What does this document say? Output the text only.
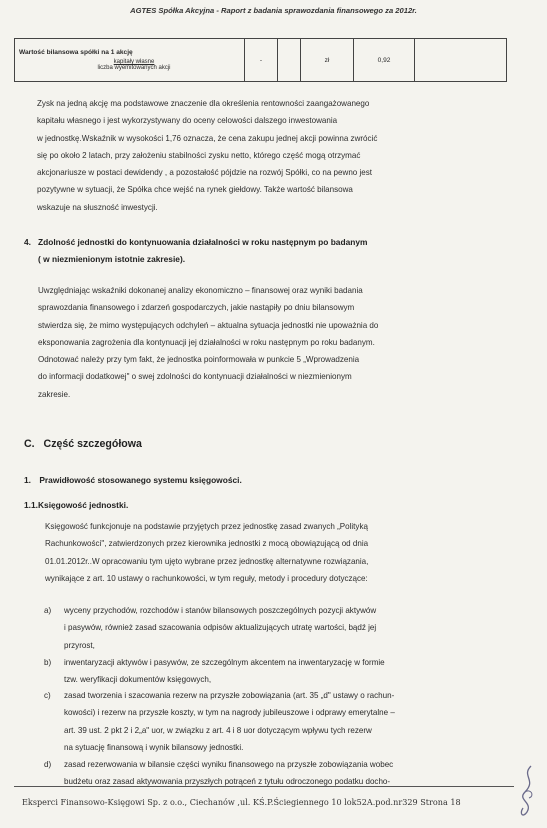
AGTES Spółka Akcyjna - Raport z badania sprawozdania finansowego za 2012r.
Wartość bilansowa spółki na 1 akcję
kapitały własne
liczba wyemitowanych akcji
	-		zł	0,92	
Zysk na jedną akcję ma podstawowe znaczenie dla określenia rentowności zaangażowanego
kapitału własnego i jest wykorzystywany do oceny celowości dalszego inwestowania
w jednostkę.Wskaźnik w wysokości 1,76 oznacza, że cena zakupu jednej akcji powinna zwrócić
się po około 2 latach, przy założeniu stabilności zysku netto, którego część mogą otrzymać
akcjonariusze w postaci dewidendy , a pozostałość pójdzie na rozwój Spółki, co na pewno jest
pozytywne w sytuacji, że Spółka chce wejść na rynek giełdowy. Także wartość bilansowa
wskazuje na słuszność inwestycji.
4. Zdolność jednostki do kontynuowania działalności w roku następnym po badanym
( w niezmienionym istotnie zakresie).
Uwzględniając wskaźniki dokonanej analizy ekonomiczno – finansowej oraz wyniki badania
sprawozdania finansowego i zdarzeń gospodarczych, jakie nastąpiły po dniu bilansowym
stwierdza się, że mimo występujących odchyleń – aktualna sytuacja jednostki nie upoważnia do
eksponowania zagrożenia dla kontynuacji jej działalności w roku następnym po roku badanym.
Odnotować należy przy tym fakt, że jednostka poinformowała w punkcie 5 „Wprowadzenia
do informacji dodatkowej" o swej zdolności do kontynuacji działalności w niezmienionym
zakresie.
C. Część szczegółowa
1. Prawidłowość stosowanego systemu księgowości.
1.1.Księgowość jednostki.
Księgowość funkcjonuje na podstawie przyjętych przez jednostkę zasad zwanych „Polityką
Rachunkowości", zatwierdzonych przez kierownika jednostki z mocą obowiązującą od dnia
01.01.2012r..W opracowaniu tym ujęto wybrane przez jednostkę alternatywne rozwiązania,
wynikające z art. 10 ustawy o rachunkowości, w tym reguły, metody i procedury dotyczące:
a) wyceny przychodów, rozchodów i stanów bilansowych poszczególnych pozycji aktywów
i pasywów, również zasad szacowania odpisów aktualizujących utratę wartości, bądź jej
przyrost,
b) inwentaryzacji aktywów i pasywów, ze szczególnym akcentem na inwentaryzację w formie
tzw. weryfikacji dokumentów księgowych,
c) zasad tworzenia i szacowania rezerw na przyszłe zobowiązania (art. 35 „d" ustawy o rachun-
kowości) i rezerw na przyszłe koszty, w tym na nagrody jubileuszowe i odprawy emerytalne –
art. 39 ust. 2 pkt 2 i 2„a" uor, w związku z art. 4 i 8 uor dotyczącym wpływu tych rezerw
na sytuację finansową i wynik bilansowy jednostki.
d) zasad rezerwowania w bilansie części wyniku finansowego na przyszłe zobowiązania wobec
budżetu oraz zasad aktywowania przyszłych potrąceń z tytułu odroczonego podatku docho-
Eksperci Finansowo-Księgowi Sp. z o.o., Ciechanów ,ul. KŚ.P.Ściegiennego 10 lok52A.pod.nr329 Strona 18
